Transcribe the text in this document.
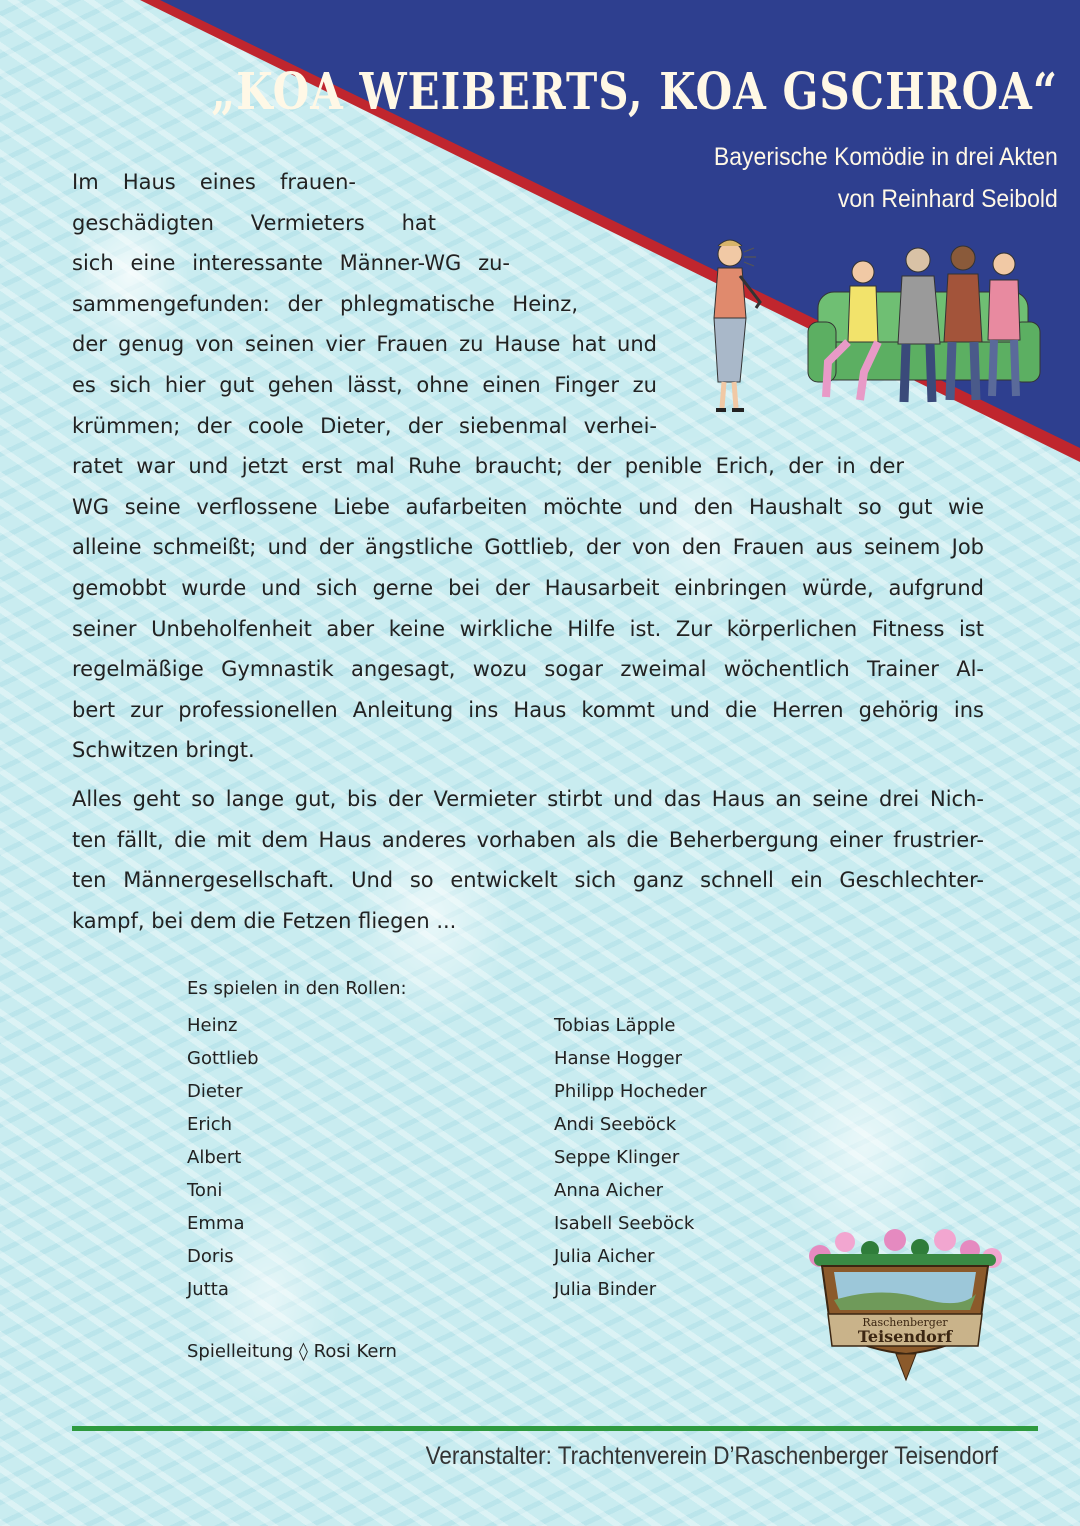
„KOA WEIBERTS, KOA GSCHROA“
Bayerische Komödie in drei Akten
von Reinhard Seibold
Im Haus eines frauen-
geschädigten Vermieters hat
sich eine interessante Männer-WG zu-
sammengefunden: der phlegmatische Heinz,
der genug von seinen vier Frauen zu Hause hat und
es sich hier gut gehen lässt, ohne einen Finger zu
krümmen; der coole Dieter, der siebenmal verhei-
ratet war und jetzt erst mal Ruhe braucht; der penible Erich, der in der
WG seine verflossene Liebe aufarbeiten möchte und den Haushalt so gut wie
alleine schmeißt; und der ängstliche Gottlieb, der von den Frauen aus seinem Job
gemobbt wurde und sich gerne bei der Hausarbeit einbringen würde, aufgrund
seiner Unbeholfenheit aber keine wirkliche Hilfe ist. Zur körperlichen Fitness ist
regelmäßige Gymnastik angesagt, wozu sogar zweimal wöchentlich Trainer Al-
bert zur professionellen Anleitung ins Haus kommt und die Herren gehörig ins
Schwitzen bringt.
Alles geht so lange gut, bis der Vermieter stirbt und das Haus an seine drei Nich-
ten fällt, die mit dem Haus anderes vorhaben als die Beherbergung einer frustrier-
ten Männergesellschaft. Und so entwickelt sich ganz schnell ein Geschlechter-
kampf, bei dem die Fetzen fliegen ...
Es spielen in den Rollen:
Heinz
Gottlieb
Dieter
Erich
Albert
Toni
Emma
Doris
Jutta
Tobias Läpple
Hanse Hogger
Philipp Hocheder
Andi Seeböck
Seppe Klinger
Anna Aicher
Isabell Seeböck
Julia Aicher
Julia Binder
Spielleitung ◊ Rosi Kern
Raschenberger
Teisendorf
Veranstalter: Trachtenverein D’Raschenberger Teisendorf
